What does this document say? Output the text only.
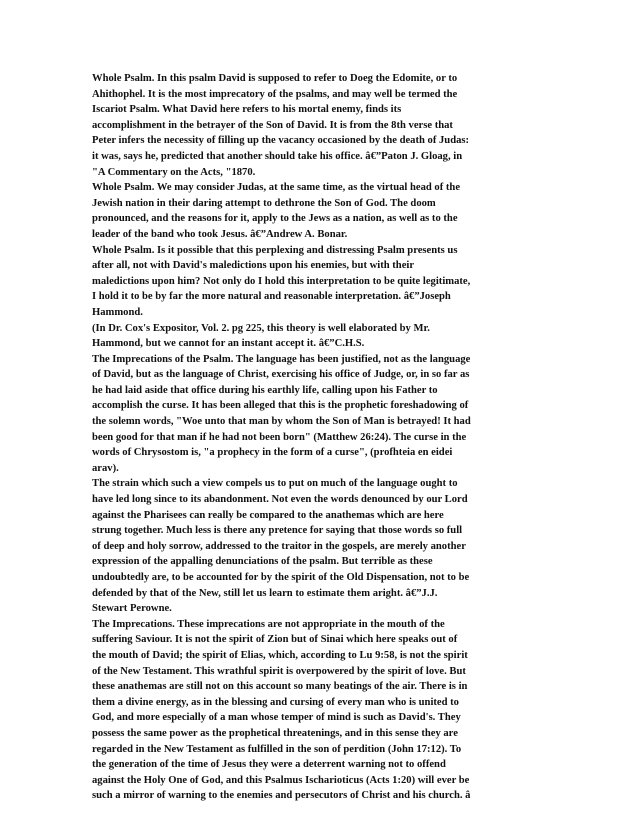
Whole Psalm. In this psalm David is supposed to refer to Doeg the Edomite, or to

Ahithophel. It is the most imprecatory of the psalms, and may well be termed the

Iscariot Psalm. What David here refers to his mortal enemy, finds its

accomplishment in the betrayer of the Son of David. It is from the 8th verse that

Peter infers the necessity of filling up the vacancy occasioned by the death of Judas:

it was, says he, predicted that another should take his office. â€”Paton J. Gloag, in

"A Commentary on the Acts, "1870.

Whole Psalm. We may consider Judas, at the same time, as the virtual head of the

Jewish nation in their daring attempt to dethrone the Son of God. The doom

pronounced, and the reasons for it, apply to the Jews as a nation, as well as to the

leader of the band who took Jesus. â€”Andrew A. Bonar.

Whole Psalm. Is it possible that this perplexing and distressing Psalm presents us

after all, not with David's maledictions upon his enemies, but with their

maledictions upon him? Not only do I hold this interpretation to be quite legitimate,

I hold it to be by far the more natural and reasonable interpretation. â€”Joseph

Hammond.

(In Dr. Cox's Expositor, Vol. 2. pg 225, this theory is well elaborated by Mr.

Hammond, but we cannot for an instant accept it. â€”C.H.S.

The Imprecations of the Psalm. The language has been justified, not as the language

of David, but as the language of Christ, exercising his office of Judge, or, in so far as

he had laid aside that office during his earthly life, calling upon his Father to

accomplish the curse. It has been alleged that this is the prophetic foreshadowing of

the solemn words, "Woe unto that man by whom the Son of Man is betrayed! It had

been good for that man if he had not been born" (Matthew 26:24). The curse in the

words of Chrysostom is, "a prophecy in the form of a curse", (profhteia en eidei

arav).

The strain which such a view compels us to put on much of the language ought to

have led long since to its abandonment. Not even the words denounced by our Lord

against the Pharisees can really be compared to the anathemas which are here

strung together. Much less is there any pretence for saying that those words so full

of deep and holy sorrow, addressed to the traitor in the gospels, are merely another

expression of the appalling denunciations of the psalm. But terrible as these

undoubtedly are, to be accounted for by the spirit of the Old Dispensation, not to be

defended by that of the New, still let us learn to estimate them aright. â€”J.J.

Stewart Perowne.

The Imprecations. These imprecations are not appropriate in the mouth of the

suffering Saviour. It is not the spirit of Zion but of Sinai which here speaks out of

the mouth of David; the spirit of Elias, which, according to Lu 9:58, is not the spirit

of the New Testament. This wrathful spirit is overpowered by the spirit of love. But

these anathemas are still not on this account so many beatings of the air. There is in

them a divine energy, as in the blessing and cursing of every man who is united to

God, and more especially of a man whose temper of mind is such as David's. They

possess the same power as the prophetical threatenings, and in this sense they are

regarded in the New Testament as fulfilled in the son of perdition (John 17:12). To

the generation of the time of Jesus they were a deterrent warning not to offend

against the Holy One of God, and this Psalmus Ischarioticus (Acts 1:20) will ever be

such a mirror of warning to the enemies and persecutors of Christ and his church. â
